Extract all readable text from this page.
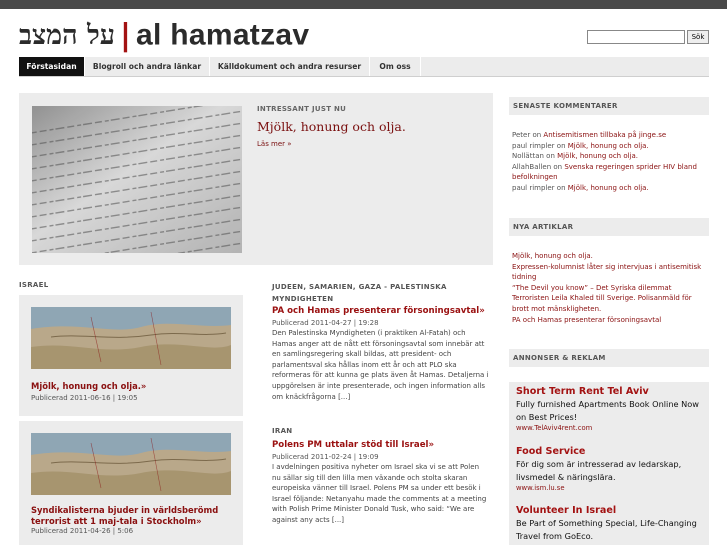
על המצב | al hamatzav	Sök
Förstasidan	Blogroll och andra länkar	Källdokument och andra resurser	Om oss
INTRESSANT JUST NU
Mjölk, honung och olja.
Läs mer »
ISRAEL
Mjölk, honung och olja.»
Publicerad 2011-06-16 | 19:05
Syndikalisterna bjuder in världsberömd terrorist att 1 maj-tala i Stockholm»
Publicerad 2011-04-26 | 5:06
JUDEEN, SAMARIEN, GAZA - PALESTINSKA MYNDIGHETEN
PA och Hamas presenterar försoningsavtal»
Publicerad 2011-04-27 | 19:28
Den Palestinska Myndigheten (i praktiken Al-Fatah) och Hamas anger att de nått ett försoningsavtal som innebär att en samlingsregering skall bildas, att president- och parlamentsval ska hållas inom ett år och att PLO ska reformeras för att kunna ge plats även åt Hamas. Detaljerna i uppgörelsen är inte presenterade, och ingen information alls om knäckfrågorna [...]
IRAN
Polens PM uttalar stöd till Israel»
Publicerad 2011-02-24 | 19:09
I avdelningen positiva nyheter om Israel ska vi se att Polen nu sällar sig till den lilla men växande och stolta skaran europeiska vänner till Israel. Polens PM sa under ett besök i Israel följande: Netanyahu made the comments at a meeting with Polish Prime Minister Donald Tusk, who said: “We are against any acts [...]
SENASTE KOMMENTARER
Peter on Antisemitismen tillbaka på jinge.se
paul rimpler on Mjölk, honung och olja.
Nollättan on Mjölk, honung och olja.
AllahBallen on Svenska regeringen sprider HIV bland befolkningen
paul rimpler on Mjölk, honung och olja.
NYA ARTIKLAR
Mjölk, honung och olja.
Expressen-kolumnist låter sig intervjuas i antisemitisk tidning
“The Devil you know” – Det Syriska dilemmat
Terroristen Leila Khaled till Sverige. Polisanmäld för brott mot mänskligheten.
PA och Hamas presenterar försoningsavtal
ANNONSER & REKLAM
Short Term Rent Tel Aviv
Fully furnished Apartments Book Online Now on Best Prices!
www.TelAviv4rent.com
Food Service
För dig som är intresserad av ledarskap, livsmedel & näringslära.
www.ism.lu.se
Volunteer In Israel
Be Part of Something Special, Life-Changing Travel from GoEco.
